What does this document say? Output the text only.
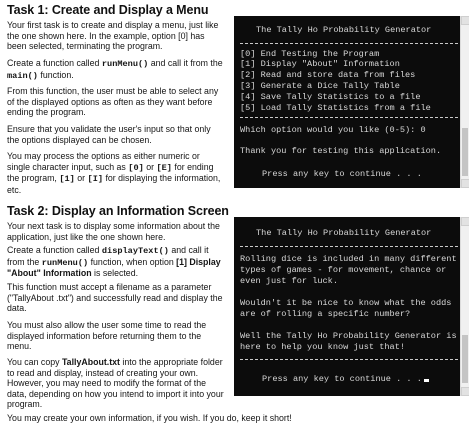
Task 1: Create and Display a Menu
Your first task is to create and display a menu, just like the one shown here. In the example, option [0] has been selected, terminating the program.
Create a function called runMenu() and call it from the main() function.
From this function, the user must be able to select any of the displayed options as often as they want before ending the program.
Ensure that you validate the user's input so that only the options displayed can be chosen.
You may process the options as either numeric or single character input, such as [0] or [E] for ending the program, [1] or [I] for displaying the information, etc.
The Tally Ho Probability Generator
[0] End Testing the Program
[1] Display "About" Information
[2] Read and store data from files
[3] Generate a Dice Tally Table
[4] Save Tally Statistics to a file
[5] Load Tally Statistics from a file
Which option would you like (0-5): 0
Thank you for testing this application.
Press any key to continue . . .
Task 2: Display an Information Screen
Your next task is to display some information about the application, just like the one shown here.
Create a function called displayText() and call it from the runMenu() function, when option [1] Display "About" Information is selected.
This function must accept a filename as a parameter ("TallyAbout .txt") and successfully read and display the data.
You must also allow the user some time to read the displayed information before returning them to the menu.
You can copy TallyAbout.txt into the appropriate folder to read and display, instead of creating your own. However, you may need to modify the format of the data, depending on how you intend to import it into your program.
You may create your own information, if you wish. If you do, keep it short!
The Tally Ho Probability Generator
Rolling dice is included in many different
types of games - for movement, chance or
even just for luck.
Wouldn't it be nice to know what the odds
are of rolling a specific number?
Well the Tally Ho Probability Generator is
here to help you know just that!
Press any key to continue . . .
